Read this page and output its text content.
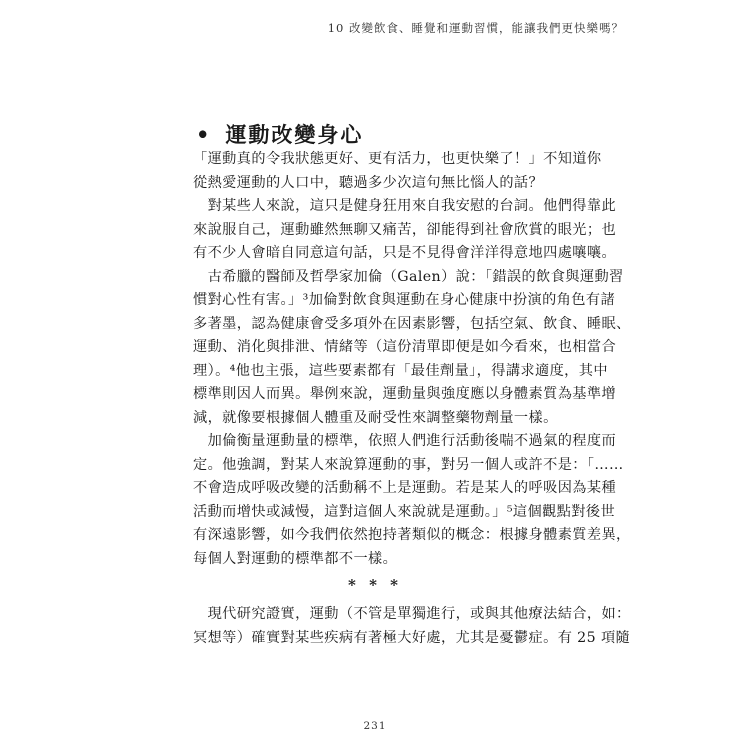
10 改變飲食、睡覺和運動習慣，能讓我們更快樂嗎？
• 運動改變身心
「運動真的令我狀態更好、更有活力，也更快樂了！」不知道你
從熱愛運動的人口中，聽過多少次這句無比惱人的話？
　對某些人來說，這只是健身狂用來自我安慰的台詞。他們得靠此
來說服自己，運動雖然無聊又痛苦，卻能得到社會欣賞的眼光；也
有不少人會暗自同意這句話，只是不見得會洋洋得意地四處嚷嚷。
　古希臘的醫師及哲學家加倫（Galen）說：「錯誤的飲食與運動習
慣對心性有害。」³加倫對飲食與運動在身心健康中扮演的角色有諸
多著墨，認為健康會受多項外在因素影響，包括空氣、飲食、睡眠、
運動、消化與排泄、情緒等（這份清單即便是如今看來，也相當合
理）。⁴他也主張，這些要素都有「最佳劑量」，得講求適度，其中
標準則因人而異。舉例來說，運動量與強度應以身體素質為基準增
減，就像要根據個人體重及耐受性來調整藥物劑量一樣。
　加倫衡量運動量的標準，依照人們進行活動後喘不過氣的程度而
定。他強調，對某人來說算運動的事，對另一個人或許不是：「……
不會造成呼吸改變的活動稱不上是運動。若是某人的呼吸因為某種
活動而增快或減慢，這對這個人來說就是運動。」⁵這個觀點對後世
有深遠影響，如今我們依然抱持著類似的概念：根據身體素質差異，
每個人對運動的標準都不一樣。
* * *
　現代研究證實，運動（不管是單獨進行，或與其他療法結合，如：
冥想等）確實對某些疾病有著極大好處，尤其是憂鬱症。有 25 項隨
231
